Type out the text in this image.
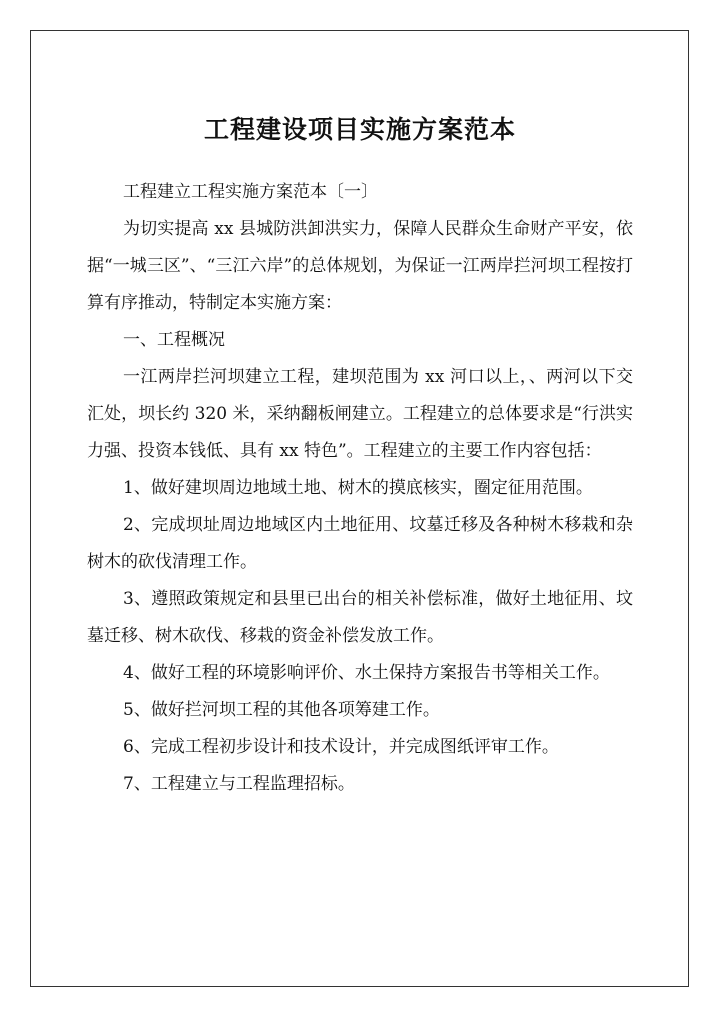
工程建设项目实施方案范本

工程建立工程实施方案范本〔一〕

为切实提高 xx 县城防洪卸洪实力，保障人民群众生命财产平安，依据“一城三区”、“三江六岸”的总体规划，为保证一江两岸拦河坝工程按打算有序推动，特制定本实施方案：

一、工程概况

一江两岸拦河坝建立工程，建坝范围为 xx 河口以上，、两河以下交汇处，坝长约 320 米，采纳翻板闸建立。工程建立的总体要求是“行洪实力强、投资本钱低、具有 xx 特色”。工程建立的主要工作内容包括：

1、做好建坝周边地域土地、树木的摸底核实，圈定征用范围。

2、完成坝址周边地域区内土地征用、坟墓迁移及各种树木移栽和杂树木的砍伐清理工作。

3、遵照政策规定和县里已出台的相关补偿标准，做好土地征用、坟墓迁移、树木砍伐、移栽的资金补偿发放工作。

4、做好工程的环境影响评价、水土保持方案报告书等相关工作。

5、做好拦河坝工程的其他各项筹建工作。

6、完成工程初步设计和技术设计，并完成图纸评审工作。

7、工程建立与工程监理招标。
